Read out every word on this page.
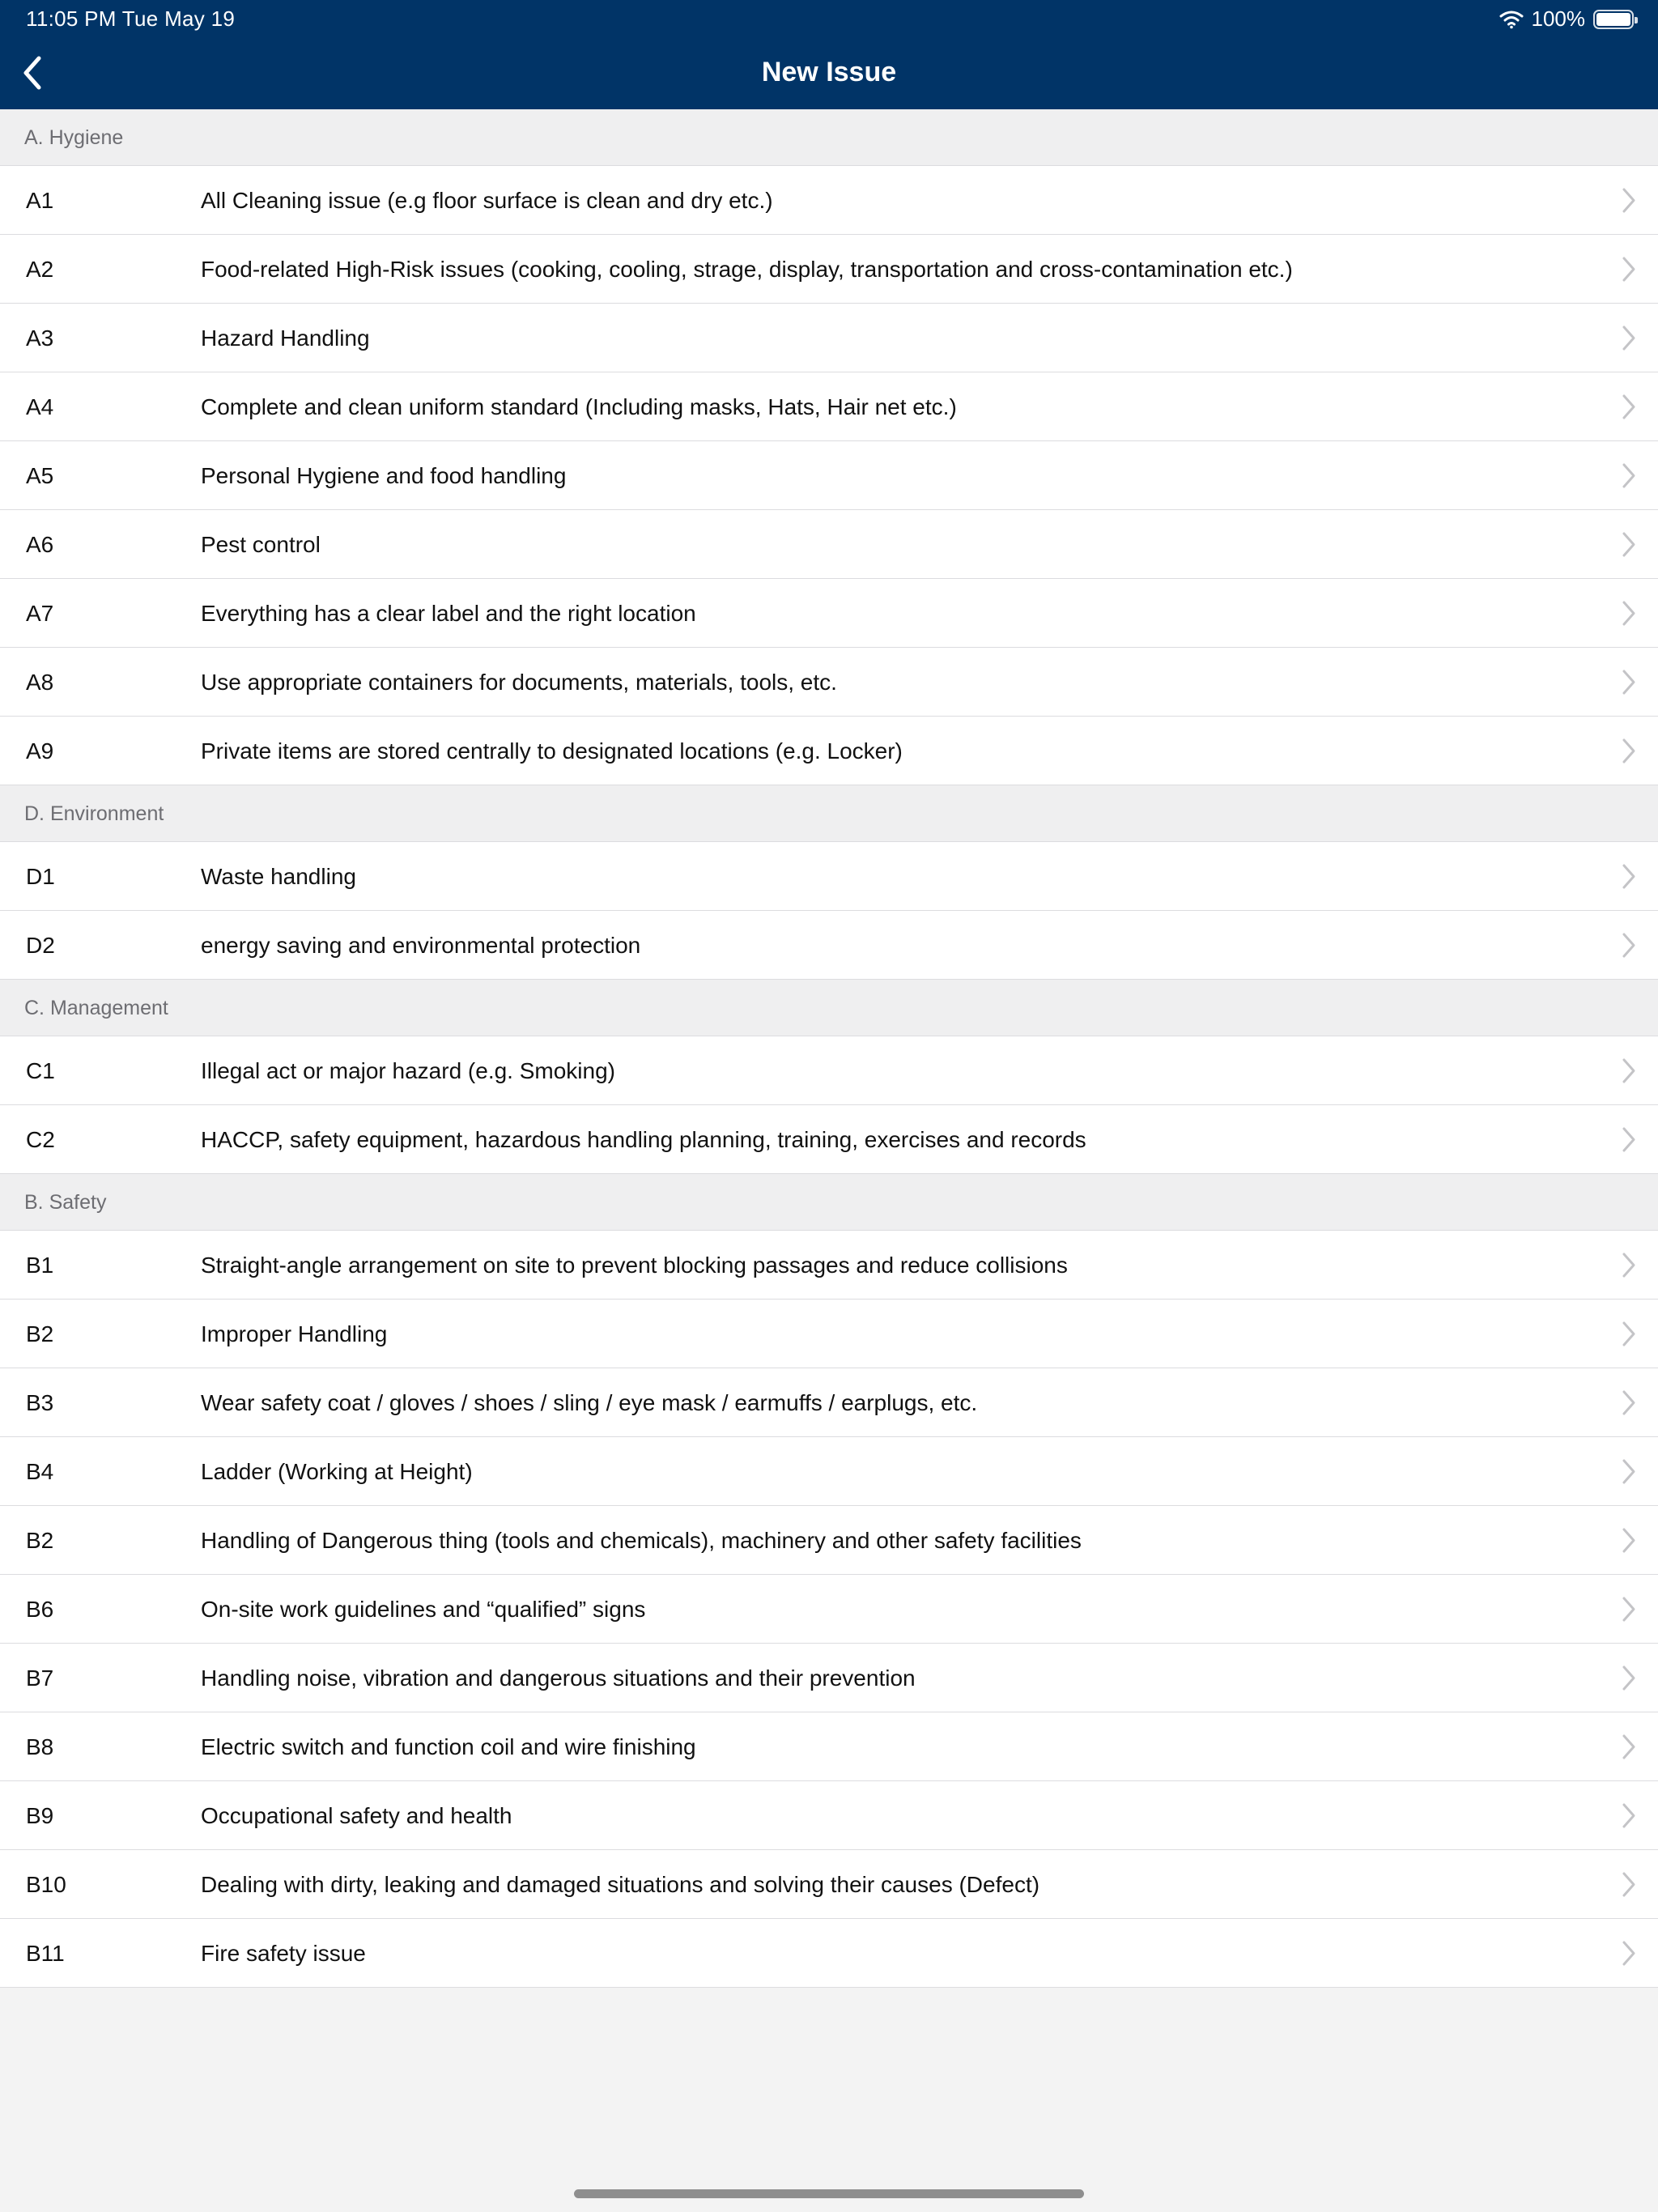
11:05 PM Tue May 19	100%
New Issue
A. Hygiene
A1	All Cleaning issue (e.g floor surface is clean and dry etc.)
A2	Food-related High-Risk issues (cooking, cooling, strage, display, transportation and cross-contamination etc.)
A3	Hazard Handling
A4	Complete and clean uniform standard (Including masks, Hats, Hair net etc.)
A5	Personal Hygiene and food handling
A6	Pest control
A7	Everything has a clear label and the right location
A8	Use appropriate containers for documents, materials, tools, etc.
A9	Private items are stored centrally to designated locations (e.g. Locker)
D. Environment
D1	Waste handling
D2	energy saving and environmental protection
C. Management
C1	Illegal act or major hazard (e.g. Smoking)
C2	HACCP, safety equipment, hazardous handling planning, training, exercises and records
B. Safety
B1	Straight-angle arrangement on site to prevent blocking passages and reduce collisions
B2	Improper Handling
B3	Wear safety coat / gloves / shoes / sling / eye mask / earmuffs / earplugs, etc.
B4	Ladder (Working at Height)
B2	Handling of Dangerous thing (tools and chemicals), machinery and other safety facilities
B6	On-site work guidelines and “qualified” signs
B7	Handling noise, vibration and dangerous situations and their prevention
B8	Electric switch and function coil and wire finishing
B9	Occupational safety and health
B10	Dealing with dirty, leaking and damaged situations and solving their causes (Defect)
B11	Fire safety issue
